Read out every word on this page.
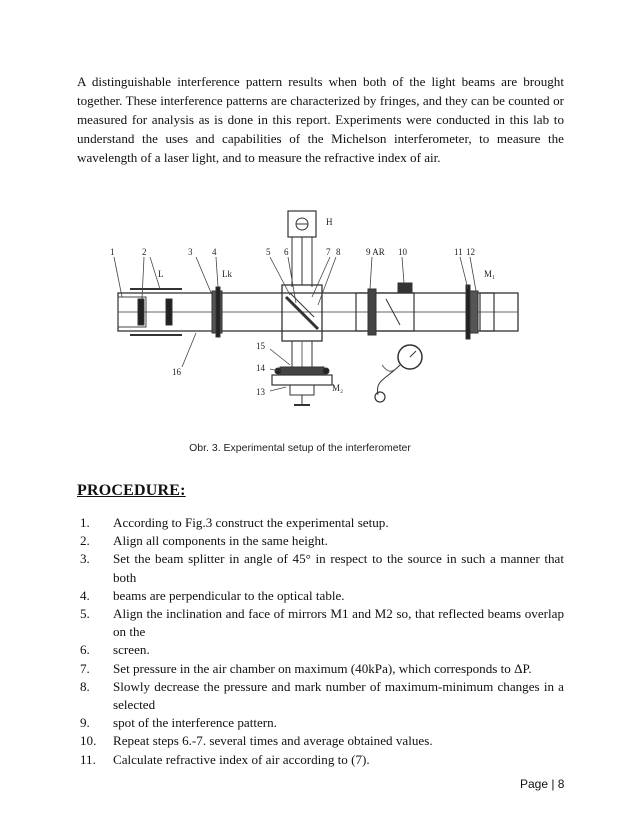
A distinguishable interference pattern results when both of the light beams are brought together. These interference patterns are characterized by fringes, and they can be counted or measured for analysis as is done in this report. Experiments were conducted in this lab to understand the uses and capabilities of the Michelson interferometer, to measure the wavelength of a laser light, and to measure the refractive index of air.

1	2	3 4	5 6	7 8	9 AR 10	11 12
L	Lk
H
M₁
M₂
15
14
13
16
Obr. 3. Experimental setup of the interferometer
PROCEDURE:
1.	According to Fig.3 construct the experimental setup.
2.	Align all components in the same height.
3.	Set the beam splitter in angle of 45° in respect to the source in such a manner that both
4.	beams are perpendicular to the optical table.
5.	Align the inclination and face of mirrors M1 and M2 so, that reflected beams overlap on the
6.	screen.
7.	Set pressure in the air chamber on maximum (40kPa), which corresponds to ΔP.
8.	Slowly decrease the pressure and mark number of maximum-minimum changes in a selected
9.	spot of the interference pattern.
10.	Repeat steps 6.-7. several times and average obtained values.
11.	Calculate refractive index of air according to (7).
Page | 8
